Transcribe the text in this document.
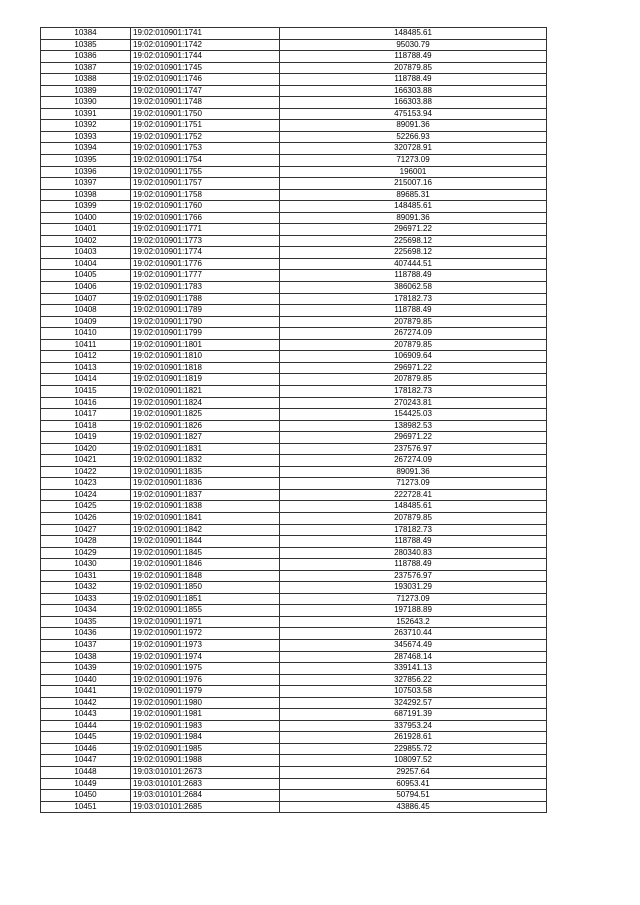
10384	19:02:010901:1741	148485.61
10385	19:02:010901:1742	95030.79
10386	19:02:010901:1744	118788.49
10387	19:02:010901:1745	207879.85
10388	19:02:010901:1746	118788.49
10389	19:02:010901:1747	166303.88
10390	19:02:010901:1748	166303.88
10391	19:02:010901:1750	475153.94
10392	19:02:010901:1751	89091.36
10393	19:02:010901:1752	52266.93
10394	19:02:010901:1753	320728.91
10395	19:02:010901:1754	71273.09
10396	19:02:010901:1755	196001
10397	19:02:010901:1757	215007.16
10398	19:02:010901:1758	89685.31
10399	19:02:010901:1760	148485.61
10400	19:02:010901:1766	89091.36
10401	19:02:010901:1771	296971.22
10402	19:02:010901:1773	225698.12
10403	19:02:010901:1774	225698.12
10404	19:02:010901:1776	407444.51
10405	19:02:010901:1777	118788.49
10406	19:02:010901:1783	386062.58
10407	19:02:010901:1788	178182.73
10408	19:02:010901:1789	118788.49
10409	19:02:010901:1790	207879.85
10410	19:02:010901:1799	267274.09
10411	19:02:010901:1801	207879.85
10412	19:02:010901:1810	106909.64
10413	19:02:010901:1818	296971.22
10414	19:02:010901:1819	207879.85
10415	19:02:010901:1821	178182.73
10416	19:02:010901:1824	270243.81
10417	19:02:010901:1825	154425.03
10418	19:02:010901:1826	138982.53
10419	19:02:010901:1827	296971.22
10420	19:02:010901:1831	237576.97
10421	19:02:010901:1832	267274.09
10422	19:02:010901:1835	89091.36
10423	19:02:010901:1836	71273.09
10424	19:02:010901:1837	222728.41
10425	19:02:010901:1838	148485.61
10426	19:02:010901:1841	207879.85
10427	19:02:010901:1842	178182.73
10428	19:02:010901:1844	118788.49
10429	19:02:010901:1845	280340.83
10430	19:02:010901:1846	118788.49
10431	19:02:010901:1848	237576.97
10432	19:02:010901:1850	193031.29
10433	19:02:010901:1851	71273.09
10434	19:02:010901:1855	197188.89
10435	19:02:010901:1971	152643.2
10436	19:02:010901:1972	263710.44
10437	19:02:010901:1973	345674.49
10438	19:02:010901:1974	287468.14
10439	19:02:010901:1975	339141.13
10440	19:02:010901:1976	327856.22
10441	19:02:010901:1979	107503.58
10442	19:02:010901:1980	324292.57
10443	19:02:010901:1981	687191.39
10444	19:02:010901:1983	337953.24
10445	19:02:010901:1984	261928.61
10446	19:02:010901:1985	229855.72
10447	19:02:010901:1988	108097.52
10448	19:03:010101:2673	29257.64
10449	19:03:010101:2683	60953.41
10450	19:03:010101:2684	50794.51
10451	19:03:010101:2685	43886.45
